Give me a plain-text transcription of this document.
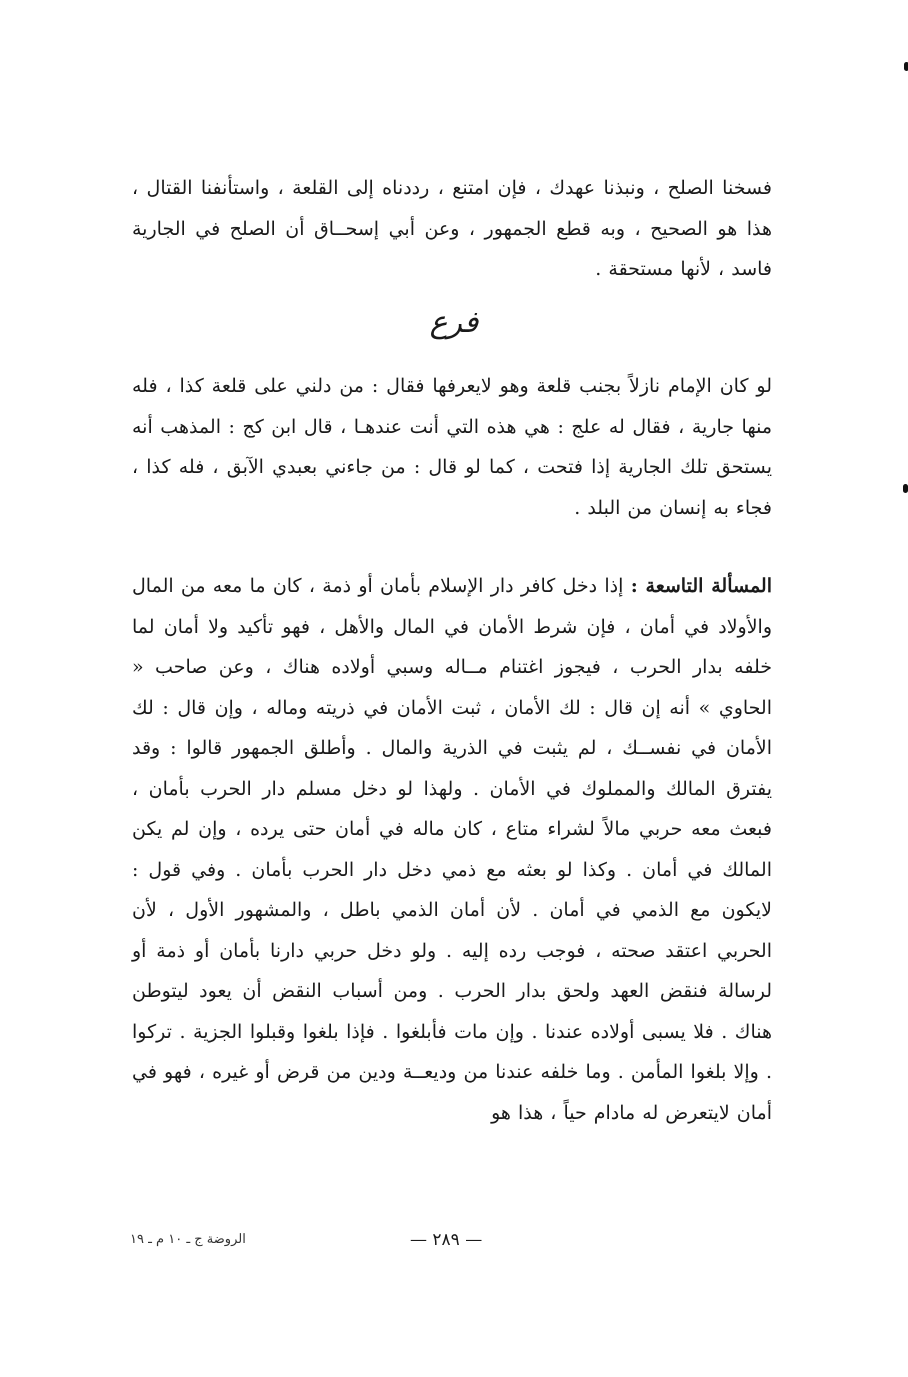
فسخنا الصلح ، ونبذنا عهدك ، فإن امتنع ، رددناه إلى القلعة ، واستأنفنا القتال ، هذا هو الصحيح ، وبه قطع الجمهور ، وعن أبي إسحــاق أن الصلح في الجارية فاسد ، لأنها مستحقة .

فرع

لو كان الإمام نازلاً بجنب قلعة وهو لايعرفها فقال : من دلني على قلعة كذا ، فله منها جارية ، فقال له علج : هي هذه التي أنت عندهـا ، قال ابن كج : المذهب أنه يستحق تلك الجارية إذا فتحت ، كما لو قال : من جاءني بعبدي الآبق ، فله كذا ، فجاء به إنسان من البلد .

المسألة التاسعة : إذا دخل كافر دار الإسلام بأمان أو ذمة ، كان ما معه من المال والأولاد في أمان ، فإن شرط الأمان في المال والأهل ، فهو تأكيد ولا أمان لما خلفه بدار الحرب ، فيجوز اغتنام مــاله وسبي أولاده هناك ، وعن صاحب « الحاوي » أنه إن قال : لك الأمان ، ثبت الأمان في ذريته وماله ، وإن قال : لك الأمان في نفســك ، لم يثبت في الذرية والمال . وأطلق الجمهور قالوا : وقد يفترق المالك والمملوك في الأمان . ولهذا لو دخل مسلم دار الحرب بأمان ، فبعث معه حربي مالاً لشراء متاع ، كان ماله في أمان حتى يرده ، وإن لم يكن المالك في أمان . وكذا لو بعثه مع ذمي دخل دار الحرب بأمان . وفي قول : لايكون مع الذمي في أمان . لأن أمان الذمي باطل ، والمشهور الأول ، لأن الحربي اعتقد صحته ، فوجب رده إليه . ولو دخل حربي دارنا بأمان أو ذمة أو لرسالة فنقض العهد ولحق بدار الحرب . ومن أسباب النقض أن يعود ليتوطن هناك . فلا يسبى أولاده عندنا . وإن مات فأبلغوا . فإذا بلغوا وقبلوا الجزية . تركوا . وإلا بلغوا المأمن . وما خلفه عندنا من وديعــة ودين من قرض أو غيره ، فهو في أمان لايتعرض له مادام حياً ، هذا هو

الروضة ج ـ ١٠ م ـ ١٩	— ٢٨٩ —
